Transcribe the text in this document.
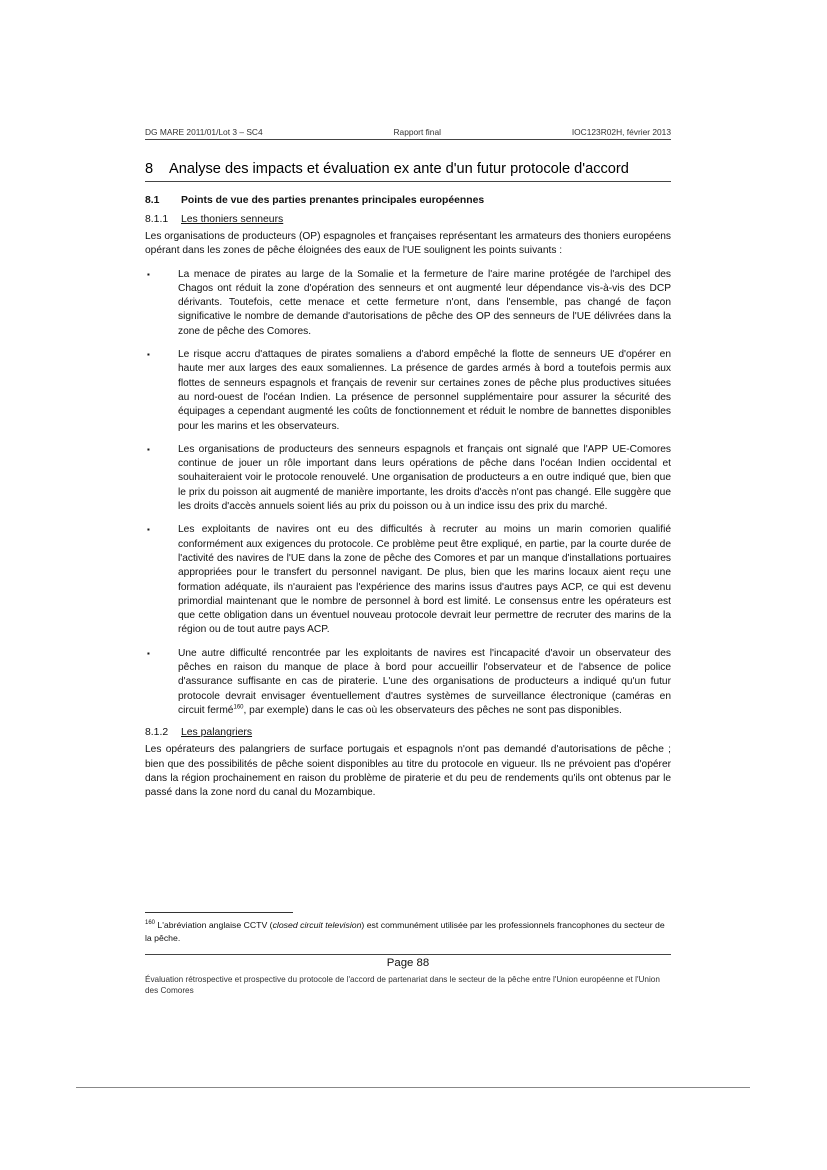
DG MARE 2011/01/Lot 3 – SC4	Rapport final	IOC123R02H, février 2013
8 Analyse des impacts et évaluation ex ante d'un futur protocole d'accord
8.1 Points de vue des parties prenantes principales européennes
8.1.1 Les thoniers senneurs

Les organisations de producteurs (OP) espagnoles et françaises représentant les armateurs des thoniers européens opérant dans les zones de pêche éloignées des eaux de l'UE soulignent les points suivants :

▪	La menace de pirates au large de la Somalie et la fermeture de l'aire marine protégée de l'archipel des Chagos ont réduit la zone d'opération des senneurs et ont augmenté leur dépendance vis-à-vis des DCP dérivants. Toutefois, cette menace et cette fermeture n'ont, dans l'ensemble, pas changé de façon significative le nombre de demande d'autorisations de pêche des OP des senneurs de l'UE délivrées dans la zone de pêche des Comores.
▪	Le risque accru d'attaques de pirates somaliens a d'abord empêché la flotte de senneurs UE d'opérer en haute mer aux larges des eaux somaliennes. La présence de gardes armés à bord a toutefois permis aux flottes de senneurs espagnols et français de revenir sur certaines zones de pêche plus productives situées au nord-ouest de l'océan Indien. La présence de personnel supplémentaire pour assurer la sécurité des équipages a cependant augmenté les coûts de fonctionnement et réduit le nombre de bannettes disponibles pour les marins et les observateurs.
▪	Les organisations de producteurs des senneurs espagnols et français ont signalé que l'APP UE-Comores continue de jouer un rôle important dans leurs opérations de pêche dans l'océan Indien occidental et souhaiteraient voir le protocole renouvelé. Une organisation de producteurs a en outre indiqué que, bien que le prix du poisson ait augmenté de manière importante, les droits d'accès n'ont pas changé. Elle suggère que les droits d'accès annuels soient liés au prix du poisson ou à un indice issu des prix du marché.
▪	Les exploitants de navires ont eu des difficultés à recruter au moins un marin comorien qualifié conformément aux exigences du protocole. Ce problème peut être expliqué, en partie, par la courte durée de l'activité des navires de l'UE dans la zone de pêche des Comores et par un manque d'installations portuaires appropriées pour le transfert du personnel navigant. De plus, bien que les marins locaux aient reçu une formation adéquate, ils n'auraient pas l'expérience des marins issus d'autres pays ACP, ce qui est devenu primordial maintenant que le nombre de personnel à bord est limité. Le consensus entre les opérateurs est que cette obligation dans un éventuel nouveau protocole devrait leur permettre de recruter des marins de la région ou de tout autre pays ACP.
▪	Une autre difficulté rencontrée par les exploitants de navires est l'incapacité d'avoir un observateur des pêches en raison du manque de place à bord pour accueillir l'observateur et de l'absence de police d'assurance suffisante en cas de piraterie. L'une des organisations de producteurs a indiqué qu'un futur protocole devrait envisager éventuellement d'autres systèmes de surveillance électronique (caméras en circuit fermé$^{160}$, par exemple) dans le cas où les observateurs des pêches ne sont pas disponibles.
8.1.2 Les palangriers

Les opérateurs des palangriers de surface portugais et espagnols n'ont pas demandé d'autorisations de pêche ; bien que des possibilités de pêche soient disponibles au titre du protocole en vigueur. Ils ne prévoient pas d'opérer dans la région prochainement en raison du problème de piraterie et du peu de rendements qu'ils ont obtenus par le passé dans la zone nord du canal du Mozambique.

$^{160}$ L'abréviation anglaise CCTV (closed circuit television) est communément utilisée par les professionnels francophones du secteur de la pêche.
Page 88
Évaluation rétrospective et prospective du protocole de l'accord de partenariat dans le secteur de la pêche entre l'Union européenne et l'Union des Comores
